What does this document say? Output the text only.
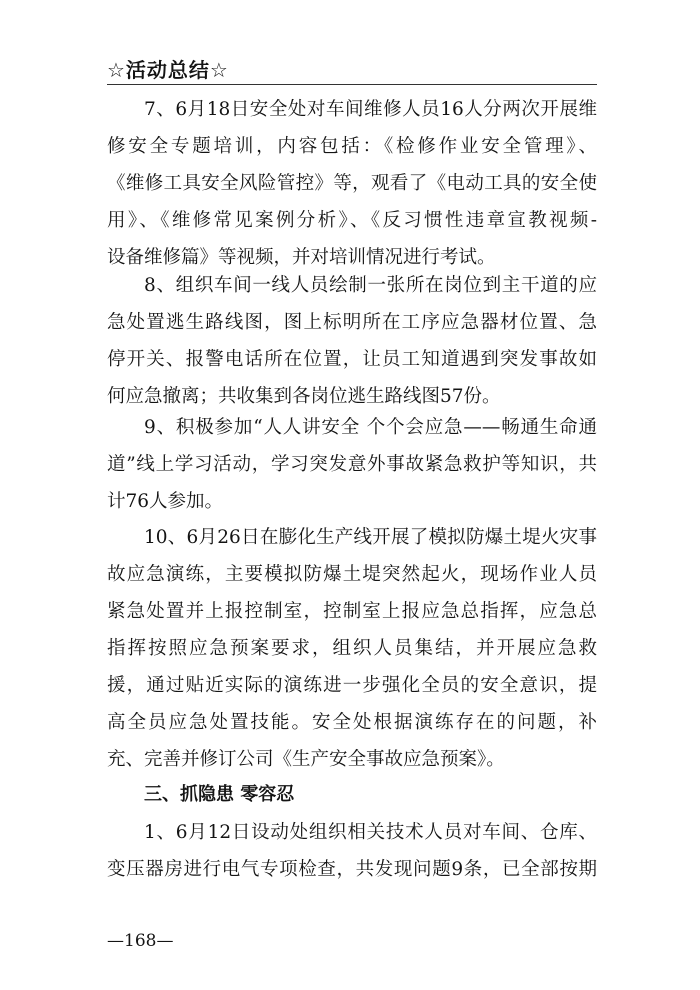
☆活动总结☆
7、6月18日安全处对车间维修人员16人分两次开展维
修安全专题培训，内容包括：《检修作业安全管理》、
《维修工具安全风险管控》等，观看了《电动工具的安全使
用》、《维修常见案例分析》、《反习惯性违章宣教视频-
设备维修篇》等视频，并对培训情况进行考试。
8、组织车间一线人员绘制一张所在岗位到主干道的应
急处置逃生路线图，图上标明所在工序应急器材位置、急
停开关、报警电话所在位置，让员工知道遇到突发事故如
何应急撤离；共收集到各岗位逃生路线图57份。
9、积极参加“人人讲安全 个个会应急——畅通生命通
道”线上学习活动，学习突发意外事故紧急救护等知识，共
计76人参加。
10、6月26日在膨化生产线开展了模拟防爆土堤火灾事
故应急演练，主要模拟防爆土堤突然起火，现场作业人员
紧急处置并上报控制室，控制室上报应急总指挥，应急总
指挥按照应急预案要求，组织人员集结，并开展应急救
援，通过贴近实际的演练进一步强化全员的安全意识，提
高全员应急处置技能。安全处根据演练存在的问题，补
充、完善并修订公司《生产安全事故应急预案》。
三、抓隐患 零容忍
1、6月12日设动处组织相关技术人员对车间、仓库、
变压器房进行电气专项检查，共发现问题9条，已全部按期
—168—
